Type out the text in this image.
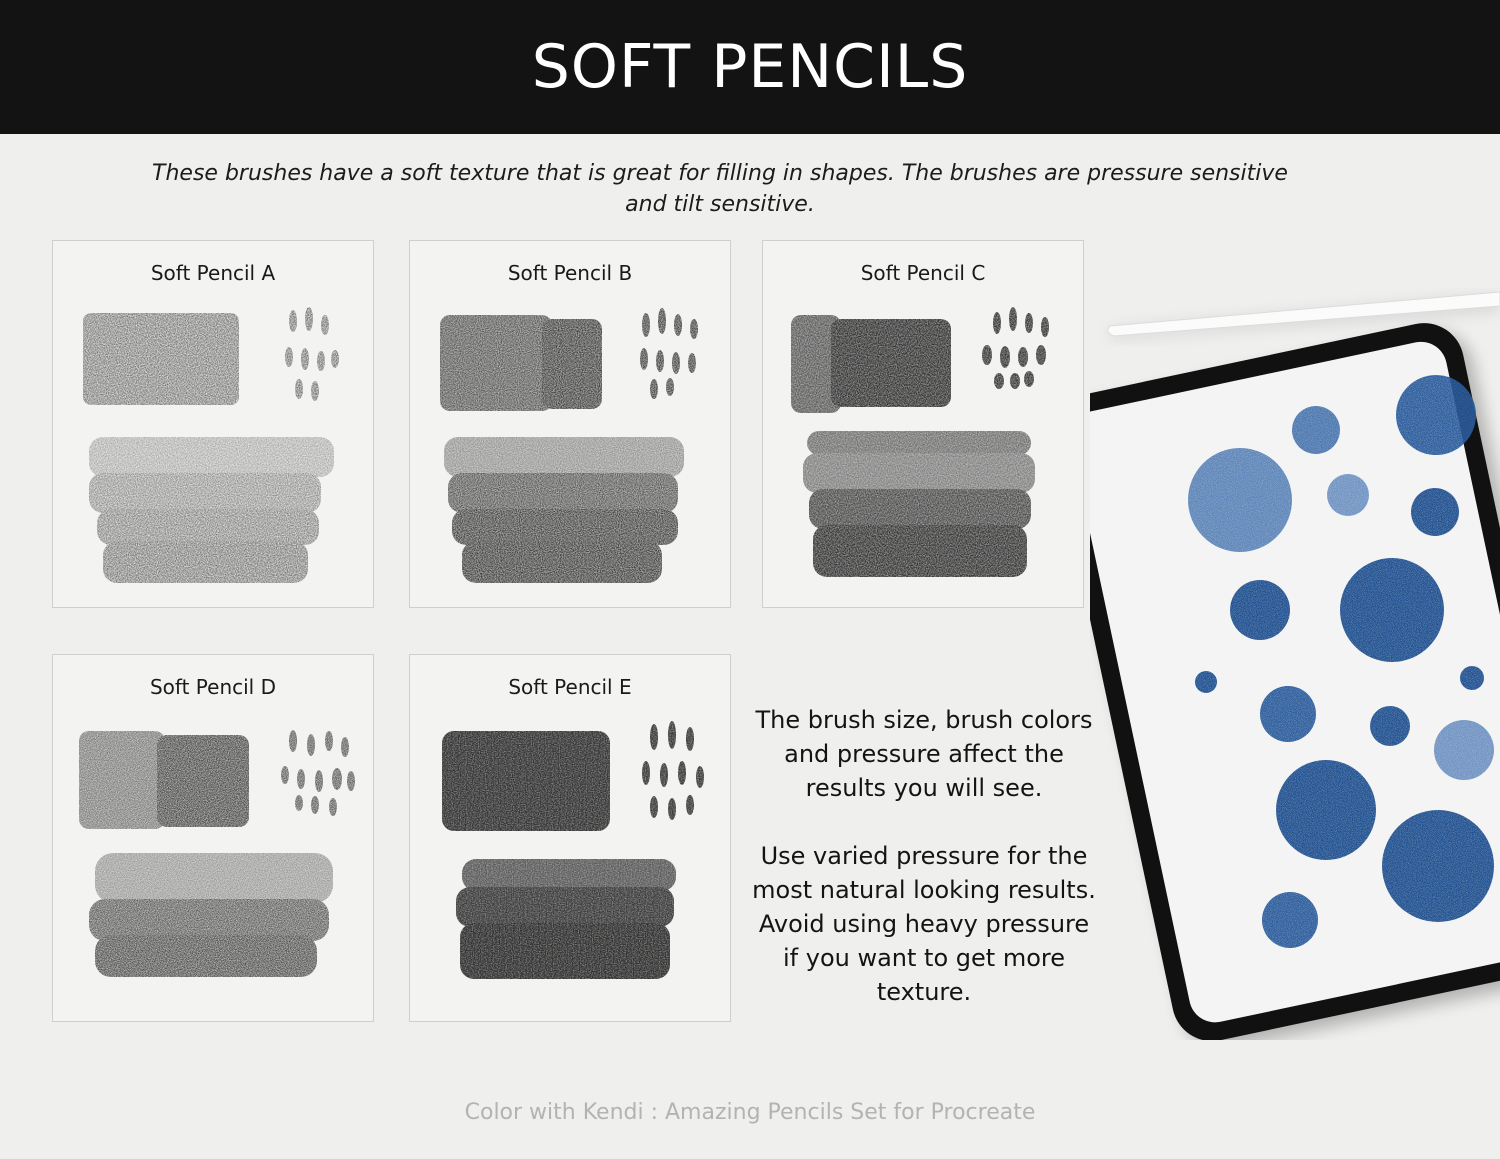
SOFT PENCILS
These brushes have a soft texture that is great for filling in shapes. The brushes are pressure sensitive and tilt sensitive.
Soft Pencil A	Soft Pencil B	Soft Pencil C
Soft Pencil D	Soft Pencil E

The brush size, brush colors and pressure affect the results you will see.

Use varied pressure for the most natural looking results. Avoid using heavy pressure if you want to get more texture.

Color with Kendi : Amazing Pencils Set for Procreate
